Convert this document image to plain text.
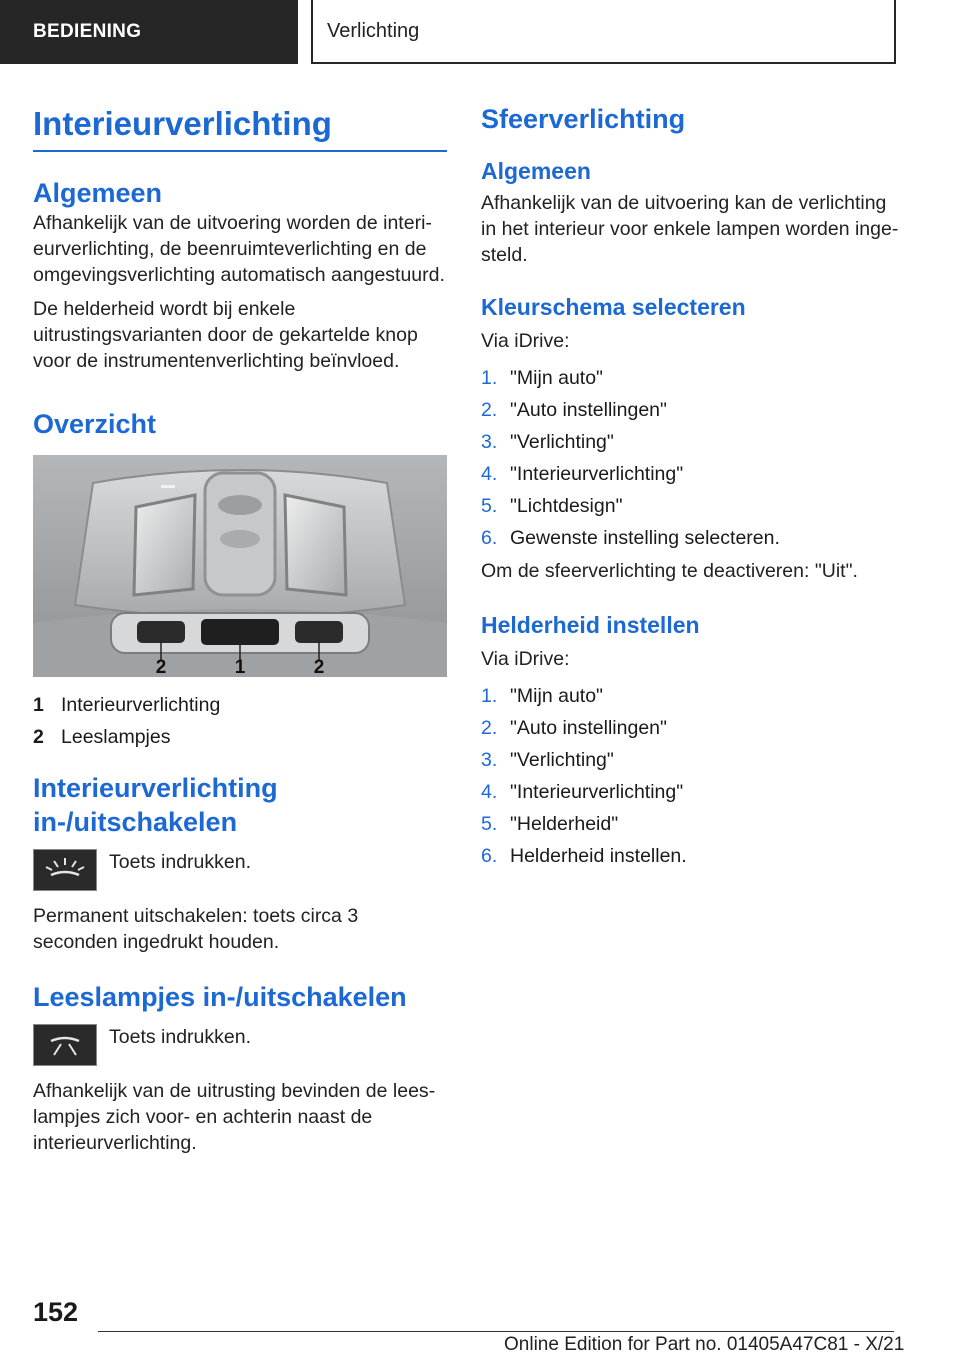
BEDIENING	Verlichting
Interieurverlichting
Algemeen

Afhankelijk van de uitvoering worden de interieurverlichting, de beenruimteverlichting en de omgevingsverlichting automatisch aangestuurd.

De helderheid wordt bij enkele uitrustingsvarianten door de gekartelde knop voor de instrumentenverlichting beïnvloed.

Overzicht
2	1	2
1 Interieurverlichting
2 Leeslampjes
Interieurverlichting in-/uitschakelen

Toets indrukken.

Permanent uitschakelen: toets circa 3 seconden ingedrukt houden.

Leeslampjes in-/uitschakelen

Toets indrukken.

Afhankelijk van de uitrusting bevinden de leeslampjes zich voor- en achterin naast de interieurverlichting.

Sfeerverlichting
Algemeen

Afhankelijk van de uitvoering kan de verlichting in het interieur voor enkele lampen worden ingesteld.

Kleurschema selecteren

Via iDrive:

1. "Mijn auto"
2. "Auto instellingen"
3. "Verlichting"
4. "Interieurverlichting"
5. "Lichtdesign"
6. Gewenste instelling selecteren.

Om de sfeerverlichting te deactiveren: "Uit".

Helderheid instellen

Via iDrive:

1. "Mijn auto"
2. "Auto instellingen"
3. "Verlichting"
4. "Interieurverlichting"
5. "Helderheid"
6. Helderheid instellen.
152
Online Edition for Part no. 01405A47C81 - X/21
